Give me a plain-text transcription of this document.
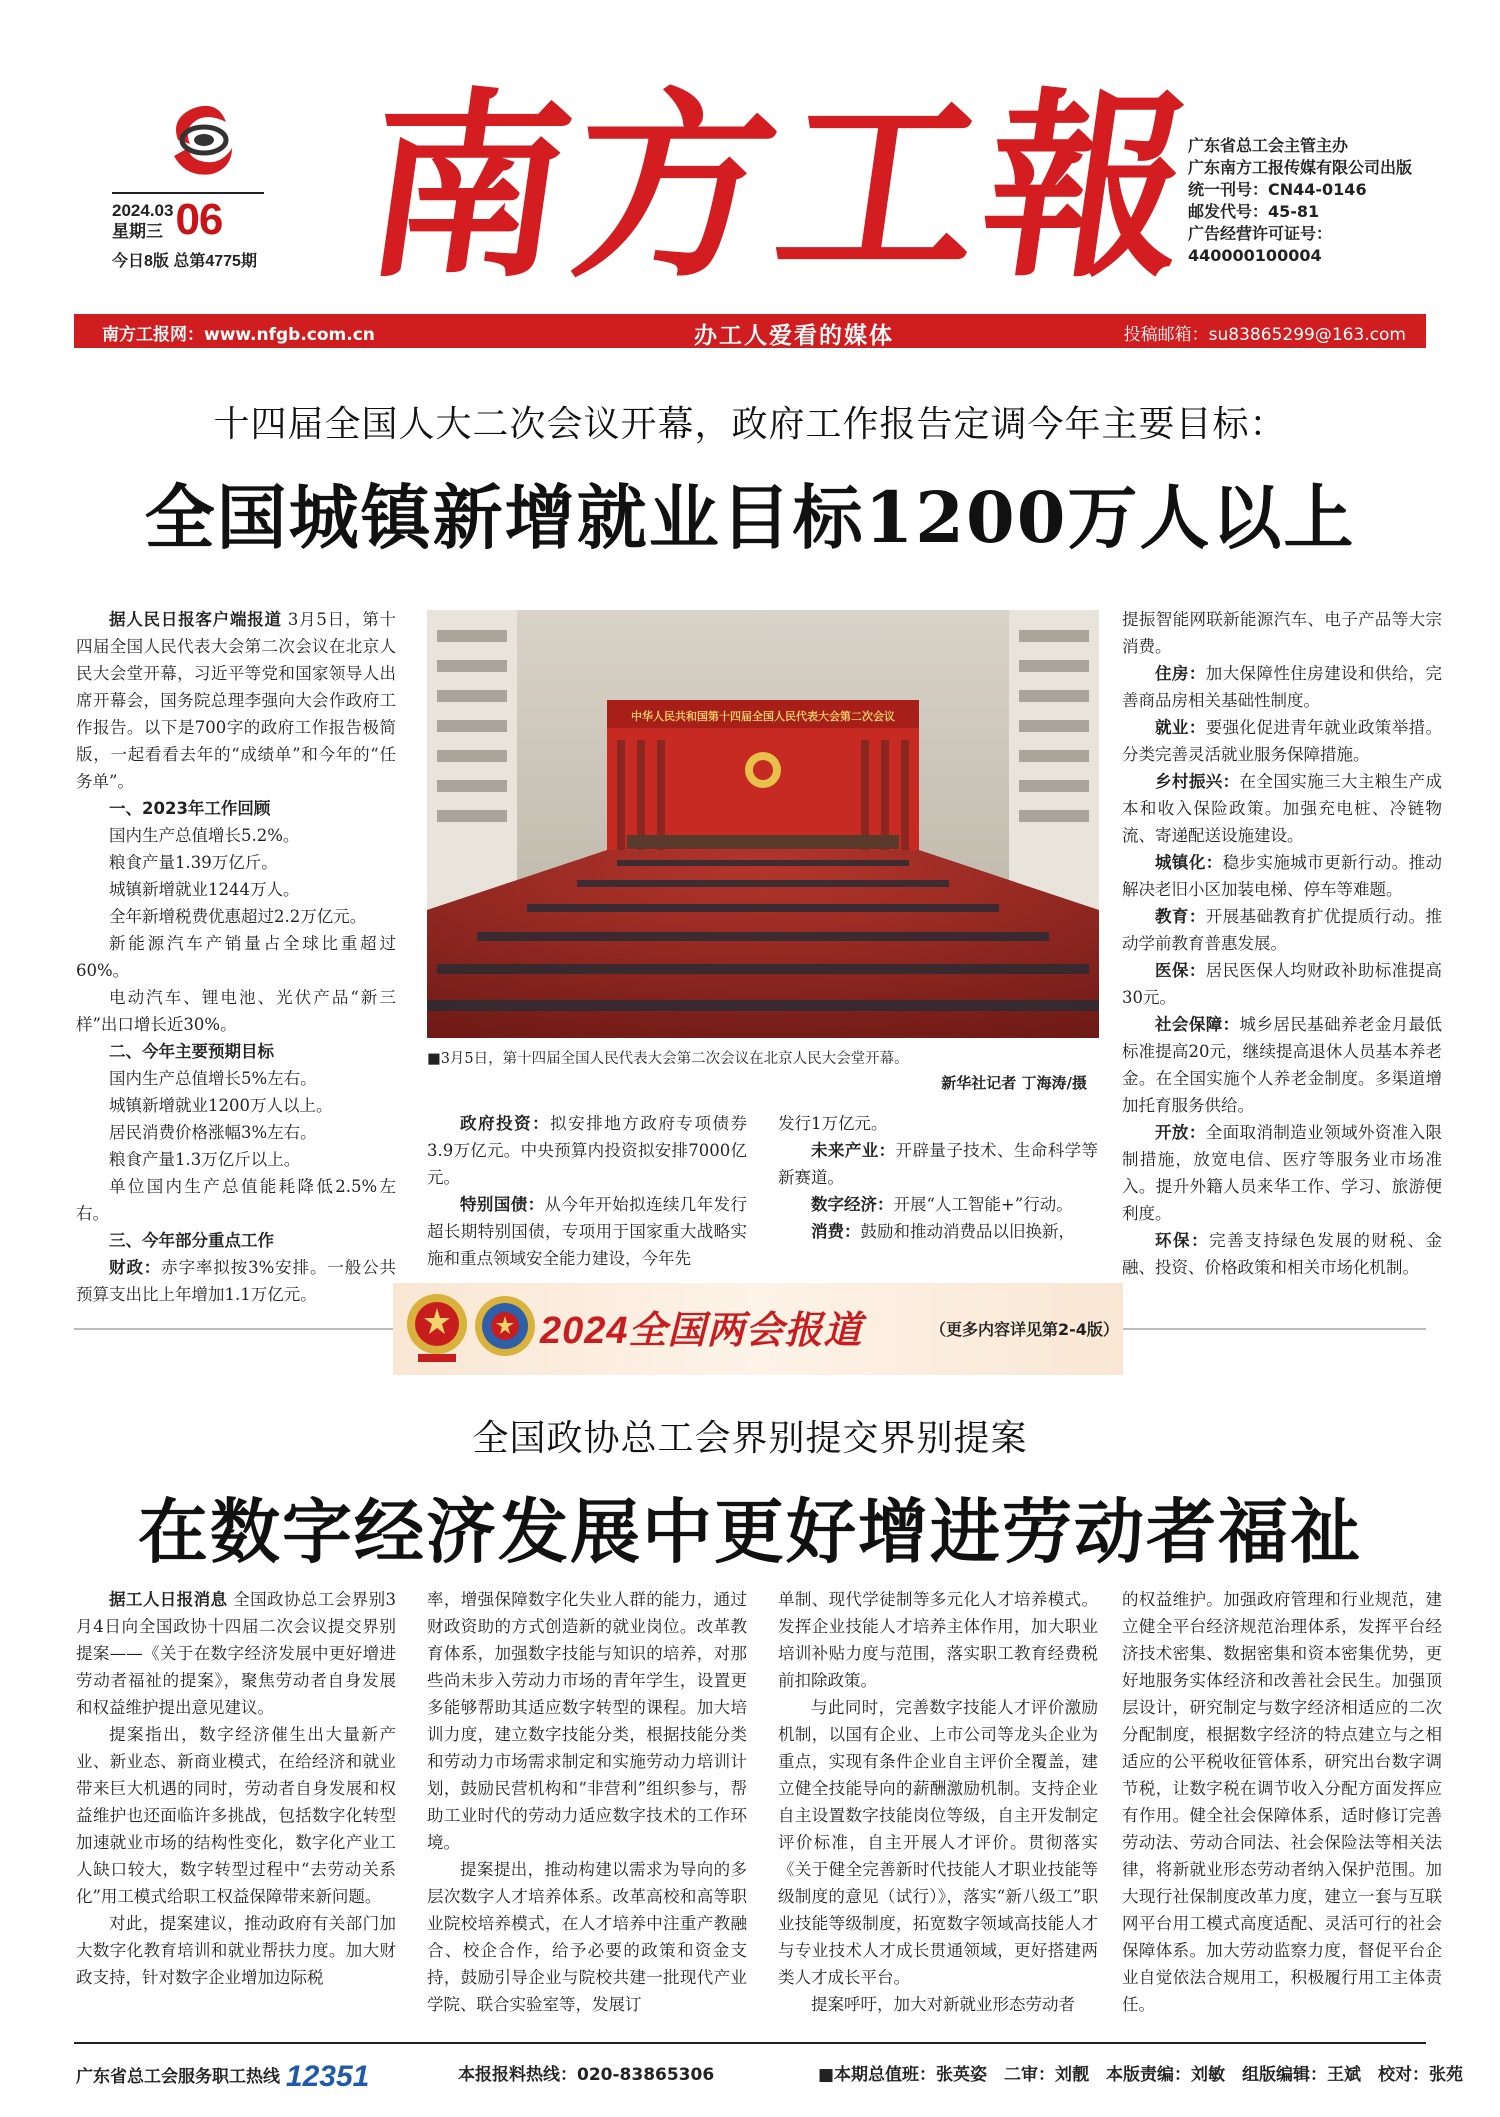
2024.03
星期三 06
今日8版 总第4775期 南方工報
广东省总工会主管主办
广东南方工报传媒有限公司出版
统一刊号：CN44-0146
邮发代号：45-81
广告经营许可证号：
440000100004
南方工报网：www.nfgb.com.cn	办工人爱看的媒体	投稿邮箱：su83865299@163.com
十四届全国人大二次会议开幕，政府工作报告定调今年主要目标：
全国城镇新增就业目标1200万人以上

据人民日报客户端报道 3月5日，第十四届全国人民代表大会第二次会议在北京人民大会堂开幕，习近平等党和国家领导人出席开幕会，国务院总理李强向大会作政府工作报告。以下是700字的政府工作报告极简版，一起看看去年的“成绩单”和今年的“任务单”。

一、2023年工作回顾

国内生产总值增长5.2%。

粮食产量1.39万亿斤。

城镇新增就业1244万人。

全年新增税费优惠超过2.2万亿元。

新能源汽车产销量占全球比重超过60%。

电动汽车、锂电池、光伏产品“新三样”出口增长近30%。

二、今年主要预期目标

国内生产总值增长5%左右。

城镇新增就业1200万人以上。

居民消费价格涨幅3%左右。

粮食产量1.3万亿斤以上。

单位国内生产总值能耗降低2.5%左右。

三、今年部分重点工作

财政：赤字率拟按3%安排。一般公共预算支出比上年增加1.1万亿元。

中华人民共和国第十四届全国人民代表大会第二次会议
■3月5日，第十四届全国人民代表大会第二次会议在北京人民大会堂开幕。
新华社记者 丁海涛/摄

政府投资：拟安排地方政府专项债券3.9万亿元。中央预算内投资拟安排7000亿元。

特别国债：从今年开始拟连续几年发行超长期特别国债，专项用于国家重大战略实施和重点领域安全能力建设，今年先

发行1万亿元。

未来产业：开辟量子技术、生命科学等新赛道。

数字经济：开展“人工智能+”行动。

消费：鼓励和推动消费品以旧换新，

提振智能网联新能源汽车、电子产品等大宗消费。

住房：加大保障性住房建设和供给，完善商品房相关基础性制度。

就业：要强化促进青年就业政策举措。分类完善灵活就业服务保障措施。

乡村振兴：在全国实施三大主粮生产成本和收入保险政策。加强充电桩、冷链物流、寄递配送设施建设。

城镇化：稳步实施城市更新行动。推动解决老旧小区加装电梯、停车等难题。

教育：开展基础教育扩优提质行动。推动学前教育普惠发展。

医保：居民医保人均财政补助标准提高30元。

社会保障：城乡居民基础养老金月最低标准提高20元，继续提高退休人员基本养老金。在全国实施个人养老金制度。多渠道增加托育服务供给。

开放：全面取消制造业领域外资准入限制措施，放宽电信、医疗等服务业市场准入。提升外籍人员来华工作、学习、旅游便利度。

环保：完善支持绿色发展的财税、金融、投资、价格政策和相关市场化机制。

2024全国两会报道	（更多内容详见第2-4版）
全国政协总工会界别提交界别提案
在数字经济发展中更好增进劳动者福祉

据工人日报消息 全国政协总工会界别3月4日向全国政协十四届二次会议提交界别提案——《关于在数字经济发展中更好增进劳动者福祉的提案》，聚焦劳动者自身发展和权益维护提出意见建议。

提案指出，数字经济催生出大量新产业、新业态、新商业模式，在给经济和就业带来巨大机遇的同时，劳动者自身发展和权益维护也还面临许多挑战，包括数字化转型加速就业市场的结构性变化，数字化产业工人缺口较大，数字转型过程中“去劳动关系化”用工模式给职工权益保障带来新问题。

对此，提案建议，推动政府有关部门加大数字化教育培训和就业帮扶力度。加大财政支持，针对数字企业增加边际税

率，增强保障数字化失业人群的能力，通过财政资助的方式创造新的就业岗位。改革教育体系，加强数字技能与知识的培养，对那些尚未步入劳动力市场的青年学生，设置更多能够帮助其适应数字转型的课程。加大培训力度，建立数字技能分类，根据技能分类和劳动力市场需求制定和实施劳动力培训计划，鼓励民营机构和“非营利”组织参与，帮助工业时代的劳动力适应数字技术的工作环境。

提案提出，推动构建以需求为导向的多层次数字人才培养体系。改革高校和高等职业院校培养模式，在人才培养中注重产教融合、校企合作，给予必要的政策和资金支持，鼓励引导企业与院校共建一批现代产业学院、联合实验室等，发展订

单制、现代学徒制等多元化人才培养模式。发挥企业技能人才培养主体作用，加大职业培训补贴力度与范围，落实职工教育经费税前扣除政策。

与此同时，完善数字技能人才评价激励机制，以国有企业、上市公司等龙头企业为重点，实现有条件企业自主评价全覆盖，建立健全技能导向的薪酬激励机制。支持企业自主设置数字技能岗位等级，自主开发制定评价标准，自主开展人才评价。贯彻落实《关于健全完善新时代技能人才职业技能等级制度的意见（试行）》，落实“新八级工”职业技能等级制度，拓宽数字领域高技能人才与专业技术人才成长贯通领域，更好搭建两类人才成长平台。

提案呼吁，加大对新就业形态劳动者

的权益维护。加强政府管理和行业规范，建立健全平台经济规范治理体系，发挥平台经济技术密集、数据密集和资本密集优势，更好地服务实体经济和改善社会民生。加强顶层设计，研究制定与数字经济相适应的二次分配制度，根据数字经济的特点建立与之相适应的公平税收征管体系，研究出台数字调节税，让数字税在调节收入分配方面发挥应有作用。健全社会保障体系，适时修订完善劳动法、劳动合同法、社会保险法等相关法律，将新就业形态劳动者纳入保护范围。加大现行社保制度改革力度，建立一套与互联网平台用工模式高度适配、灵活可行的社会保障体系。加大劳动监察力度，督促平台企业自觉依法合规用工，积极履行用工主体责任。

广东省总工会服务职工热线 12351	本报报料热线：020-83865306	■本期总值班：张英姿　二审：刘靓　本版责编：刘敏　组版编辑：王斌　校对：张苑
